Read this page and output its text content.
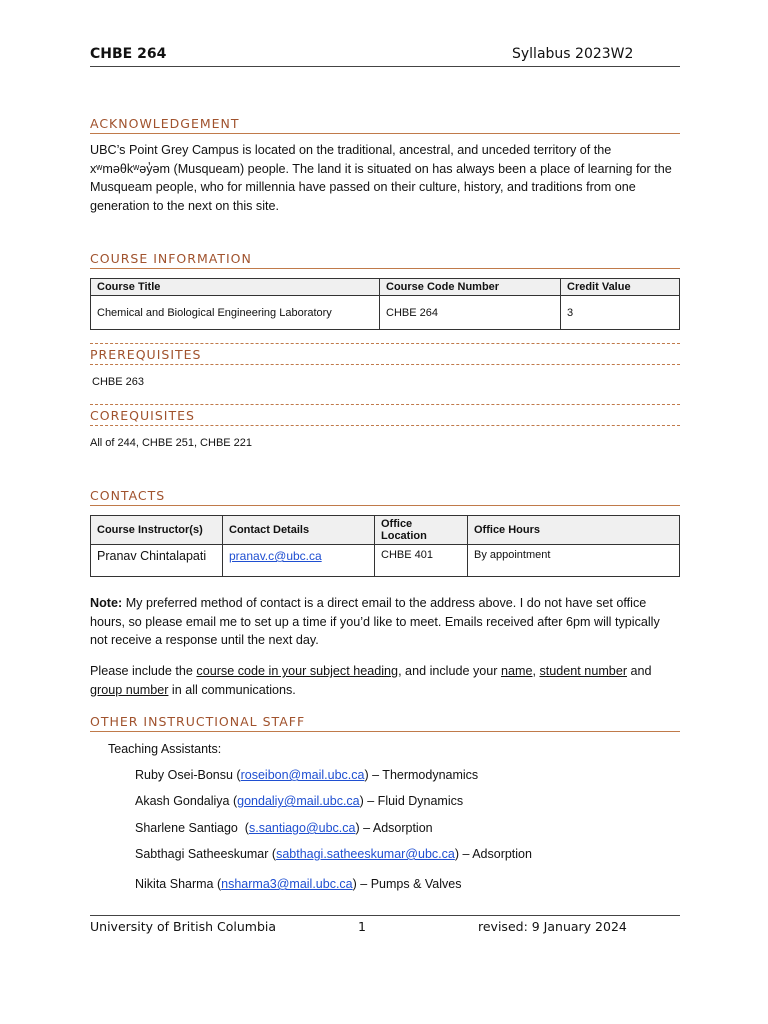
CHBE 264	Syllabus 2023W2
ACKNOWLEDGEMENT
UBC’s Point Grey Campus is located on the traditional, ancestral, and unceded territory of the xʷməθkʷəy̓əm (Musqueam) people. The land it is situated on has always been a place of learning for the Musqueam people, who for millennia have passed on their culture, history, and traditions from one generation to the next on this site.
COURSE INFORMATION
Course Title	Course Code Number	Credit Value
Chemical and Biological Engineering Laboratory	CHBE 264	3
PREREQUISITES
CHBE 263
COREQUISITES
All of 244, CHBE 251, CHBE 221
CONTACTS
Course Instructor(s)	Contact Details	Office Location	Office Hours
Pranav Chintalapati	pranav.c@ubc.ca	CHBE 401	By appointment
Note: My preferred method of contact is a direct email to the address above. I do not have set office hours, so please email me to set up a time if you’d like to meet. Emails received after 6pm will typically not receive a response until the next day.
Please include the course code in your subject heading, and include your name, student number and group number in all communications.
OTHER INSTRUCTIONAL STAFF
Teaching Assistants:
Ruby Osei-Bonsu (roseibon@mail.ubc.ca) – Thermodynamics
Akash Gondaliya (gondaliy@mail.ubc.ca) – Fluid Dynamics
Sharlene Santiago  (s.santiago@ubc.ca) – Adsorption
Sabthagi Satheeskumar (sabthagi.satheeskumar@ubc.ca) – Adsorption
Nikita Sharma (nsharma3@mail.ubc.ca) – Pumps & Valves
University of British Columbia	1	revised: 9 January 2024
